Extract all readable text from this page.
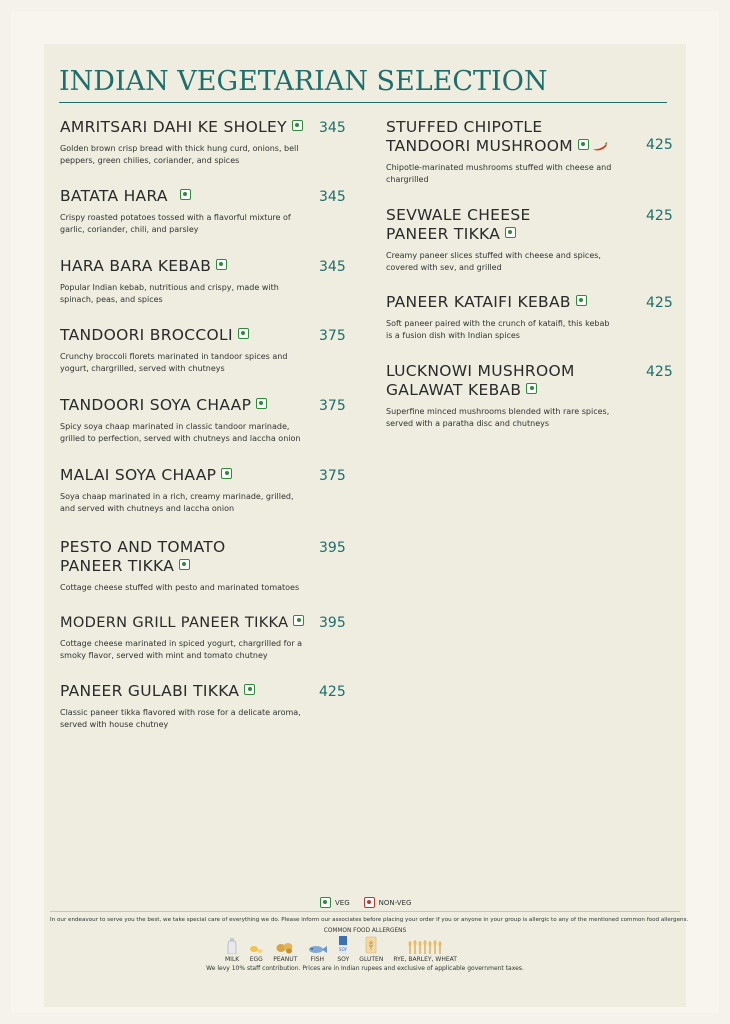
INDIAN VEGETARIAN SELECTION
AMRITSARI DAHI KE SHOLEY
Golden brown crisp bread with thick hung curd, onions, bell peppers, green chilies, coriander, and spices
345
BATATA HARA
Crispy roasted potatoes tossed with a flavorful mixture of garlic, coriander, chili, and parsley
345
HARA BARA KEBAB
Popular Indian kebab, nutritious and crispy, made with spinach, peas, and spices
345
TANDOORI BROCCOLI
Crunchy broccoli florets marinated in tandoor spices and yogurt, chargrilled, served with chutneys
375
TANDOORI SOYA CHAAP
Spicy soya chaap marinated in classic tandoor marinade, grilled to perfection, served with chutneys and laccha onion
375
MALAI SOYA CHAAP
Soya chaap marinated in a rich, creamy marinade, grilled, and served with chutneys and laccha onion
375
PESTO AND TOMATO
PANEER TIKKA
Cottage cheese stuffed with pesto and marinated tomatoes
395
MODERN GRILL PANEER TIKKA
Cottage cheese marinated in spiced yogurt, chargrilled for a smoky flavor, served with mint and tomato chutney
395
PANEER GULABI TIKKA
Classic paneer tikka flavored with rose for a delicate aroma, served with house chutney
425
STUFFED CHIPOTLE
TANDOORI MUSHROOM
Chipotle-marinated mushrooms stuffed with cheese and chargrilled
425
SEVWALE CHEESE
PANEER TIKKA
Creamy paneer slices stuffed with cheese and spices, covered with sev, and grilled
425
PANEER KATAIFI KEBAB
Soft paneer paired with the crunch of kataifi, this kebab is a fusion dish with Indian spices
425
LUCKNOWI MUSHROOM
GALAWAT KEBAB
Superfine minced mushrooms blended with rare spices, served with a paratha disc and chutneys
425
VEG	NON-VEG
In our endeavour to serve you the best, we take special care of everything we do. Please inform our associates before placing your order if you or anyone in your group is allergic to any of the mentioned common food allergens.
COMMON FOOD ALLERGENS
MILK EGG PEANUT FISH
SOY
SOY GLUTEN RYE, BARLEY, WHEAT
We levy 10% staff contribution. Prices are in Indian rupees and exclusive of applicable government taxes.
